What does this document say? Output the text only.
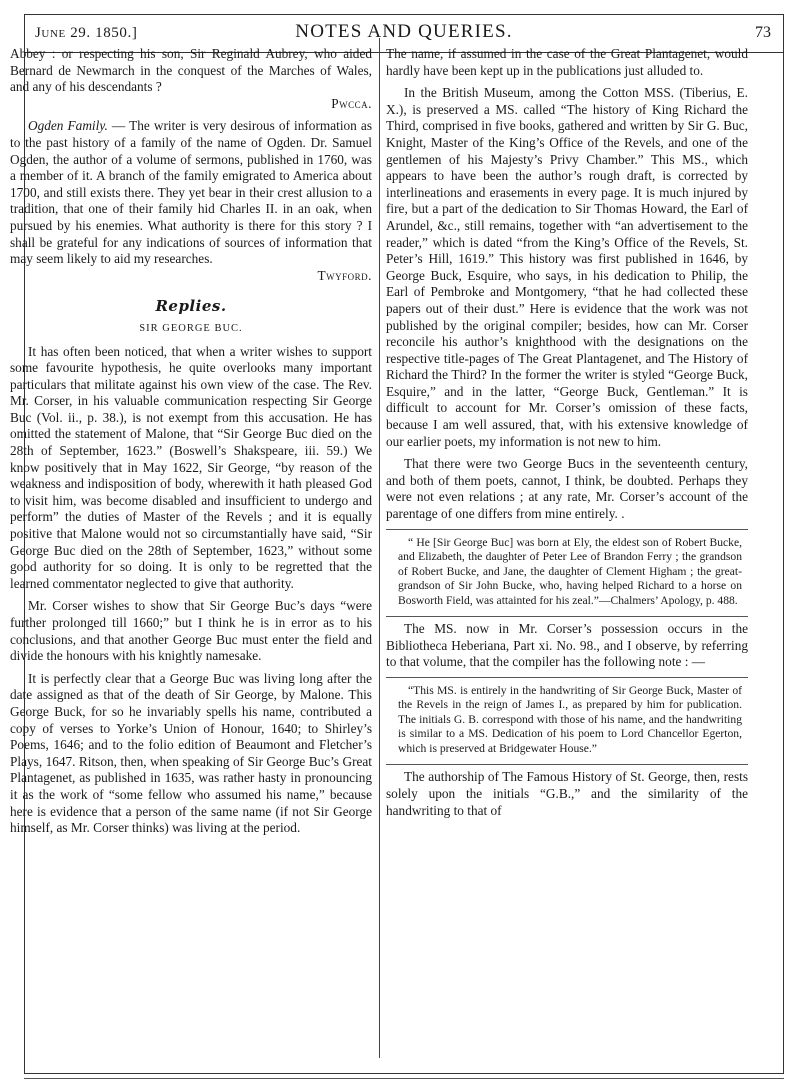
June 29. 1850.]	NOTES AND QUERIES.	73

Abbey : or respecting his son, Sir Reginald Aubrey, who aided Bernard de Newmarch in the conquest of the Marches of Wales, and any of his descendants ?
Pwcca.

Ogden Family. — The writer is very desirous of information as to the past history of a family of the name of Ogden. Dr. Samuel Ogden, the author of a volume of sermons, published in 1760, was a member of it. A branch of the family emigrated to America about 1700, and still exists there. They yet bear in their crest allusion to a tradition, that one of their family hid Charles II. in an oak, when pursued by his enemies. What authority is there for this story ? I shall be grateful for any indications of sources of information that may seem likely to aid my researches.
Twyford.

Replies.
SIR GEORGE BUC.

It has often been noticed, that when a writer wishes to support some favourite hypothesis, he quite overlooks many important particulars that militate against his own view of the case. The Rev. Mr. Corser, in his valuable communication respecting Sir George Buc (Vol. ii., p. 38.), is not exempt from this accusation. He has omitted the statement of Malone, that “Sir George Buc died on the 28th of September, 1623.” (Boswell’s Shakspeare, iii. 59.) We know positively that in May 1622, Sir George, “by reason of the weakness and indisposition of body, wherewith it hath pleased God to visit him, was become disabled and insufficient to undergo and perform” the duties of Master of the Revels ; and it is equally positive that Malone would not so circumstantially have said, “Sir George Buc died on the 28th of September, 1623,” without some good authority for so doing. It is only to be regretted that the learned commentator neglected to give that authority.

Mr. Corser wishes to show that Sir George Buc’s days “were further prolonged till 1660;” but I think he is in error as to his conclusions, and that another George Buc must enter the field and divide the honours with his knightly namesake.

It is perfectly clear that a George Buc was living long after the date assigned as that of the death of Sir George, by Malone. This George Buck, for so he invariably spells his name, contributed a copy of verses to Yorke’s Union of Honour, 1640; to Shirley’s Poems, 1646; and to the folio edition of Beaumont and Fletcher’s Plays, 1647. Ritson, then, when speaking of Sir George Buc’s Great Plantagenet, as published in 1635, was rather hasty in pronouncing it as the work of “some fellow who assumed his name,” because here is evidence that a person of the same name (if not Sir George himself, as Mr. Corser thinks) was living at the period.

The name, if assumed in the case of the Great Plantagenet, would hardly have been kept up in the publications just alluded to.

In the British Museum, among the Cotton MSS. (Tiberius, E. X.), is preserved a MS. called “The history of King Richard the Third, comprised in five books, gathered and written by Sir G. Buc, Knight, Master of the King’s Office of the Revels, and one of the gentlemen of his Majesty’s Privy Chamber.” This MS., which appears to have been the author’s rough draft, is corrected by interlineations and erasements in every page. It is much injured by fire, but a part of the dedication to Sir Thomas Howard, the Earl of Arundel, &c., still remains, together with “an advertisement to the reader,” which is dated “from the King’s Office of the Revels, St. Peter’s Hill, 1619.” This history was first published in 1646, by George Buck, Esquire, who says, in his dedication to Philip, the Earl of Pembroke and Montgomery, “that he had collected these papers out of their dust.” Here is evidence that the work was not published by the original compiler; besides, how can Mr. Corser reconcile his author’s knighthood with the designations on the respective title-pages of The Great Plantagenet, and The History of Richard the Third? In the former the writer is styled “George Buck, Esquire,” and in the latter, “George Buck, Gentleman.” It is difficult to account for Mr. Corser’s omission of these facts, because I am well assured, that, with his extensive knowledge of our earlier poets, my information is not new to him.

That there were two George Bucs in the seventeenth century, and both of them poets, cannot, I think, be doubted. Perhaps they were not even relations ; at any rate, Mr. Corser’s account of the parentage of one differs from mine entirely. .

“ He [Sir George Buc] was born at Ely, the eldest son of Robert Bucke, and Elizabeth, the daughter of Peter Lee of Brandon Ferry ; the grandson of Robert Bucke, and Jane, the daughter of Clement Higham ; the great-grandson of Sir John Bucke, who, having helped Richard to a horse on Bosworth Field, was attainted for his zeal.”—Chalmers’ Apology, p. 488.

The MS. now in Mr. Corser’s possession occurs in the Bibliotheca Heberiana, Part xi. No. 98., and I observe, by referring to that volume, that the compiler has the following note : —

“This MS. is entirely in the handwriting of Sir George Buck, Master of the Revels in the reign of James I., as prepared by him for publication. The initials G. B. correspond with those of his name, and the handwriting is similar to a MS. Dedication of his poem to Lord Chancellor Egerton, which is preserved at Bridgewater House.”

The authorship of The Famous History of St. George, then, rests solely upon the initials “G.B.,” and the similarity of the handwriting to that of
